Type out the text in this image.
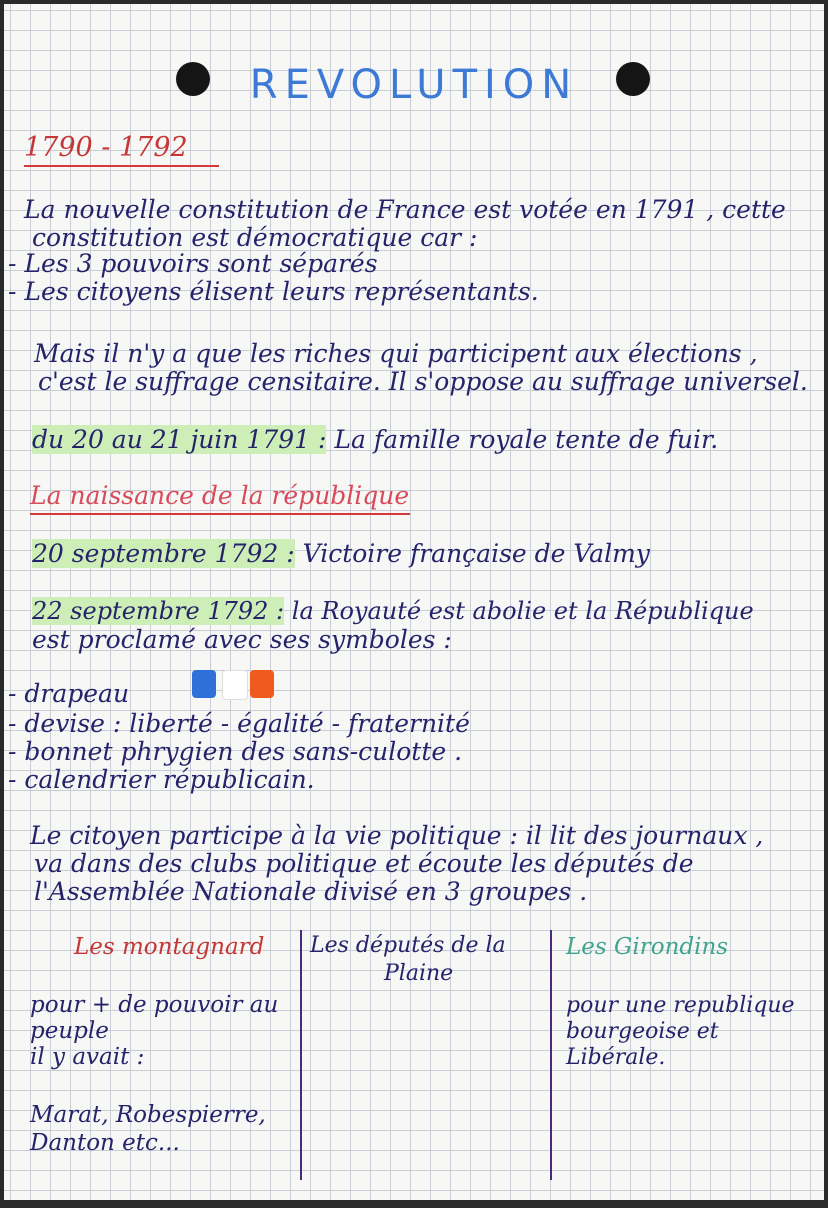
REVOLUTION
1790 - 1792
La nouvelle constitution de France est votée en 1791 , cette
constitution est démocratique car :
- Les 3 pouvoirs sont séparés
- Les citoyens élisent leurs représentants.
Mais il n'y a que les riches qui participent aux élections ,
c'est le suffrage censitaire. Il s'oppose au suffrage universel.
du 20 au 21 juin 1791 : La famille royale tente de fuir.
La naissance de la république
20 septembre 1792 : Victoire française de Valmy
22 septembre 1792 : la Royauté est abolie et la République
est proclamé avec ses symboles :
- drapeau
- devise : liberté - égalité - fraternité
- bonnet phrygien des sans-culotte .
- calendrier républicain.
Le citoyen participe à la vie politique : il lit des journaux ,
va dans des clubs politique et écoute les députés de
l'Assemblée Nationale divisé en 3 groupes .
Les montagnard
pour + de pouvoir au
peuple
il y avait :
Marat, Robespierre,
Danton etc...
Les députés de la
Plaine
Les Girondins
pour une republique
bourgeoise et
Libérale.
